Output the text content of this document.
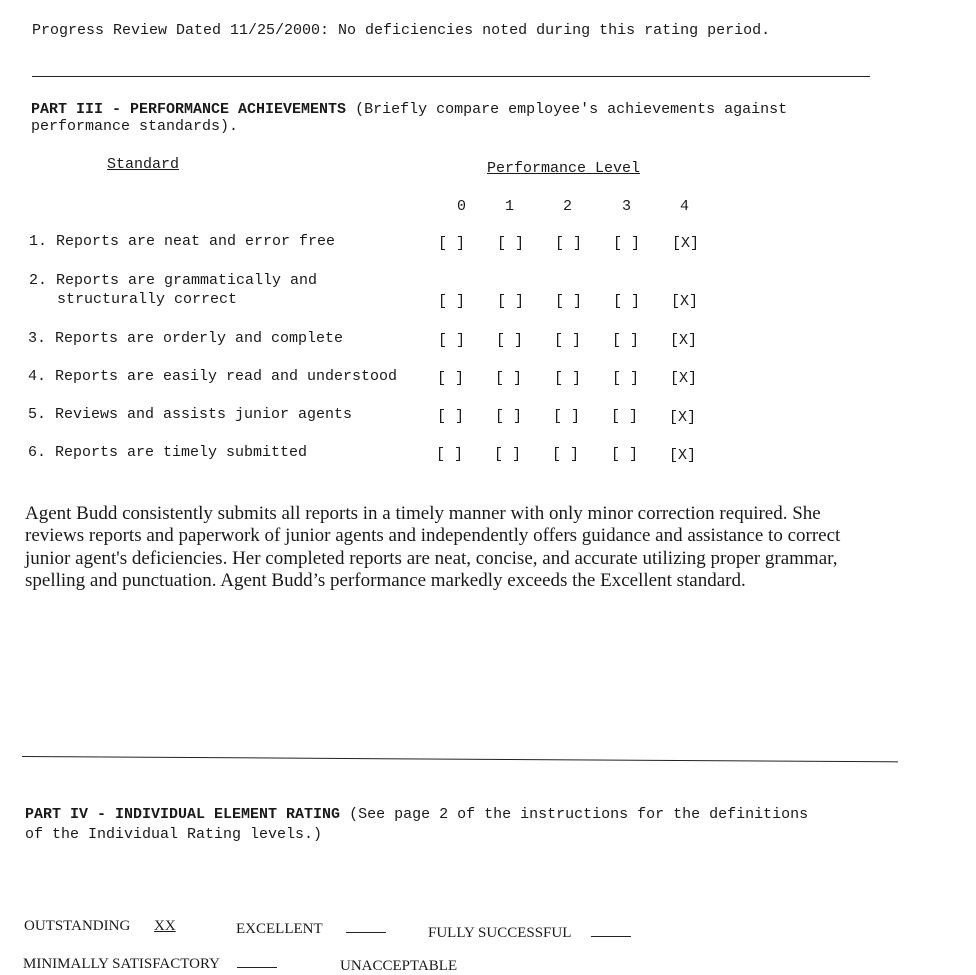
Progress Review Dated 11/25/2000: No deficiencies noted during this rating period.
PART III - PERFORMANCE ACHIEVEMENTS (Briefly compare employee's achievements against
performance standards).
Standard	Performance Level
0	1	2	3	4
1. Reports are neat and error free	[ ] [ ] [ ] [ ] [X]
2. Reports are grammatically and
structurally correct	[ ] [ ] [ ] [ ] [X]
3. Reports are orderly and complete	[ ] [ ] [ ] [ ] [X]
4. Reports are easily read and understood	[ ] [ ] [ ] [ ] [X]
5. Reviews and assists junior agents	[ ] [ ] [ ] [ ] [X]
6. Reports are timely submitted	[ ] [ ] [ ] [ ] [X]
Agent Budd consistently submits all reports in a timely manner with only minor correction required. She
reviews reports and paperwork of junior agents and independently offers guidance and assistance to correct
junior agent's deficiencies. Her completed reports are neat, concise, and accurate utilizing proper grammar,
spelling and punctuation. Agent Budd’s performance markedly exceeds the Excellent standard.
PART IV - INDIVIDUAL ELEMENT RATING (See page 2 of the instructions for the definitions
of the Individual Rating levels.)
OUTSTANDING XX	EXCELLENT	FULLY SUCCESSFUL
MINIMALLY SATISFACTORY	UNACCEPTABLE
